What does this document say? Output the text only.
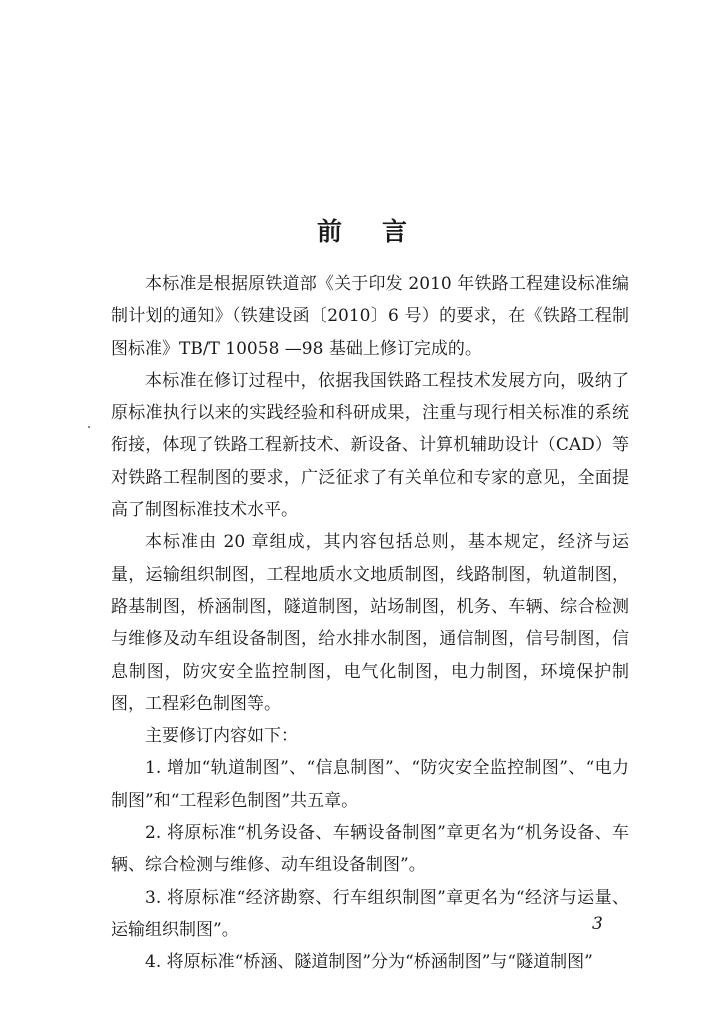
前言

本标准是根据原铁道部《关于印发 2010 年铁路工程建设标准编制计划的通知》（铁建设函〔2010〕6 号）的要求，在《铁路工程制图标准》TB/T 10058 —98 基础上修订完成的。

本标准在修订过程中，依据我国铁路工程技术发展方向，吸纳了原标准执行以来的实践经验和科研成果，注重与现行相关标准的系统衔接，体现了铁路工程新技术、新设备、计算机辅助设计（CAD）等对铁路工程制图的要求，广泛征求了有关单位和专家的意见，全面提高了制图标准技术水平。

本标准由 20 章组成，其内容包括总则，基本规定，经济与运量，运输组织制图，工程地质水文地质制图，线路制图，轨道制图，路基制图，桥涵制图，隧道制图，站场制图，机务、车辆、综合检测与维修及动车组设备制图，给水排水制图，通信制图，信号制图，信息制图，防灾安全监控制图，电气化制图，电力制图，环境保护制图，工程彩色制图等。

主要修订内容如下：

1. 增加“轨道制图”、“信息制图”、“防灾安全监控制图”、“电力制图”和“工程彩色制图”共五章。

2. 将原标准“机务设备、车辆设备制图”章更名为“机务设备、车辆、综合检测与维修、动车组设备制图”。

3. 将原标准“经济勘察、行车组织制图”章更名为“经济与运量、运输组织制图”。

4. 将原标准“桥涵、隧道制图”分为“桥涵制图”与“隧道制图”

3
